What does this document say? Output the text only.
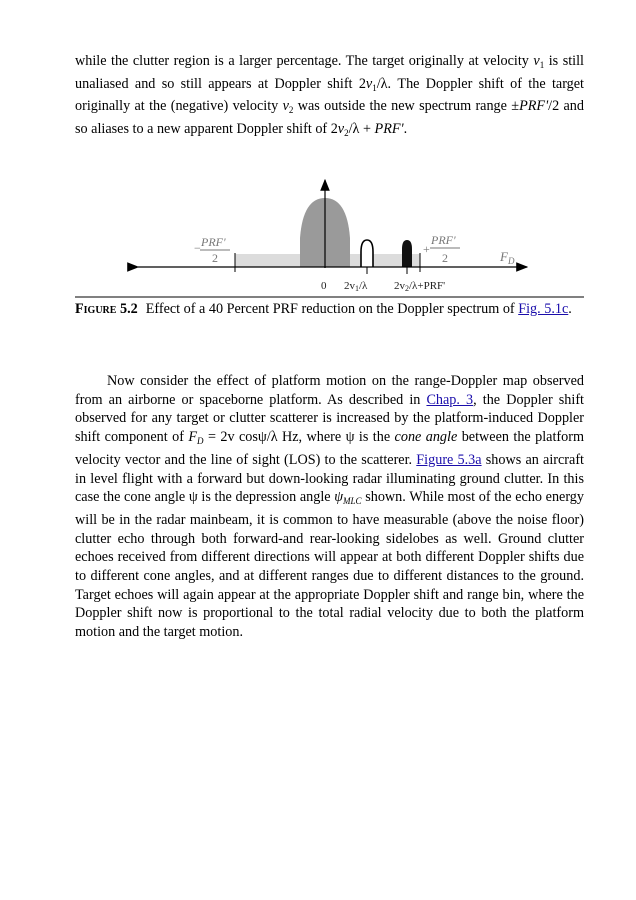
while the clutter region is a larger percentage. The target originally at velocity $v_1$ is still unaliased and so still appears at Doppler shift $2v_1/\lambda$. The Doppler shift of the target originally at the (negative) velocity $v_2$ was outside the new spectrum range ±PRF'/2 and so aliases to a new apparent Doppler shift of $2v_2/\lambda + PRF'$.

− PRF'
2
+
PRF'
2	$F_D$
0 2v1/λ 2v2/λ+PRF'

Figure 5.2 Effect of a 40 Percent PRF reduction on the Doppler spectrum of Fig. 5.1c.

Now consider the effect of platform motion on the range-Doppler map observed from an airborne or spaceborne platform. As described in Chap. 3, the Doppler shift observed for any target or clutter scatterer is increased by the platform-induced Doppler shift component of $F_D = 2v$ cosψ/λ Hz, where ψ is the cone angle between the platform velocity vector and the line of sight (LOS) to the scatterer. Figure 5.3a shows an aircraft in level flight with a forward but down-looking radar illuminating ground clutter. In this case the cone angle ψ is the depression angle $\psi_{MLC}$ shown. While most of the echo energy will be in the radar mainbeam, it is common to have measurable (above the noise floor) clutter echo through both forward-and rear-looking sidelobes as well. Ground clutter echoes received from different directions will appear at both different Doppler shifts due to different cone angles, and at different ranges due to different distances to the ground. Target echoes will again appear at the appropriate Doppler shift and range bin, where the Doppler shift now is proportional to the total radial velocity due to both the platform motion and the target motion.
